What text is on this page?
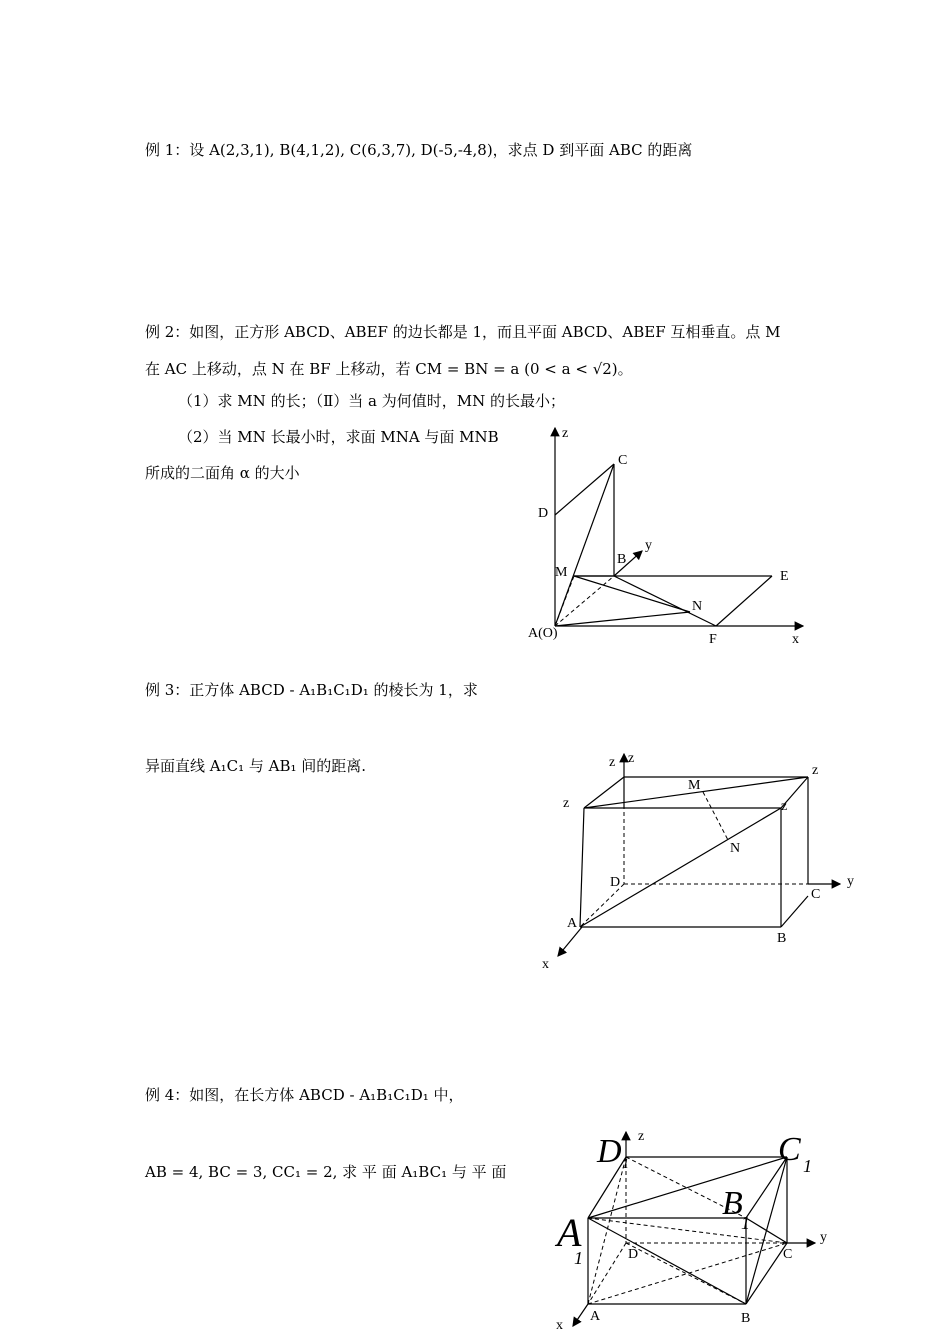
例 1：设 A(2,3,1), B(4,1,2), C(6,3,7), D(-5,-4,8)，求点 D 到平面 ABC 的距离
例 2：如图，正方形 ABCD、ABEF 的边长都是 1，而且平面 ABCD、ABEF 互相垂直。点 M
在 AC 上移动，点 N 在 BF 上移动，若 CM = BN = a (0 < a < √2)。
（1）求 MN 的长；（Ⅱ）当 a 为何值时，MN 的长最小；
（2）当 MN 长最小时，求面 MNA 与面 MNB
所成的二面角 α 的大小
z
C
D
y
B
M	E
N
A(O)	F	x
例 3：正方体 ABCD - A₁B₁C₁D₁ 的棱长为 1，求
异面直线 A₁C₁ 与 AB₁ 间的距离.	z z
z
M
z	z
N
D	y
C
A
B
x
例 4：如图，在长方体 ABCD - A₁B₁C₁D₁ 中，
AB = 4, BC = 3, CC₁ = 2, 求 平 面 A₁BC₁ 与 平 面
D 1	C 1
B
1
A
1
z
y
D	C
A	B
x
